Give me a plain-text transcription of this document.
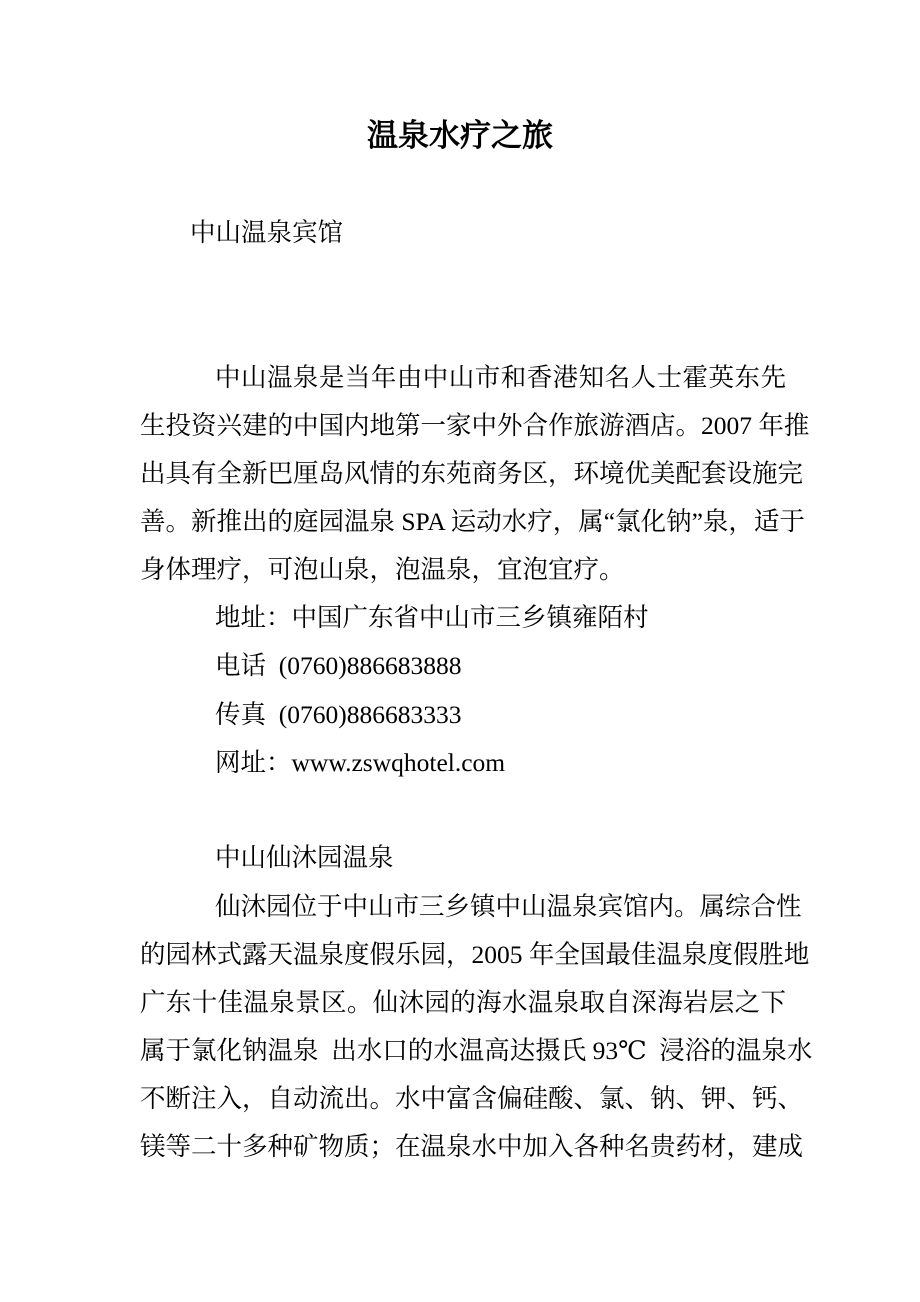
温泉水疗之旅
中山温泉宾馆
中山温泉是当年由中山市和香港知名人士霍英东先
生投资兴建的中国内地第一家中外合作旅游酒店。2007 年推
出具有全新巴厘岛风情的东苑商务区，环境优美配套设施完
善。新推出的庭园温泉 SPA 运动水疗，属“氯化钠”泉，适于
身体理疗，可泡山泉，泡温泉，宜泡宜疗。
地址：中国广东省中山市三乡镇雍陌村
电话  (0760)886683888
传真  (0760)886683333
网址：www.zswqhotel.com
中山仙沐园温泉
仙沐园位于中山市三乡镇中山温泉宾馆内。属综合性
的园林式露天温泉度假乐园，2005 年全国最佳温泉度假胜地
广东十佳温泉景区。仙沐园的海水温泉取自深海岩层之下
属于氯化钠温泉  出水口的水温高达摄氏 93℃  浸浴的温泉水
不断注入，自动流出。水中富含偏硅酸、氯、钠、钾、钙、
镁等二十多种矿物质；在温泉水中加入各种名贵药材，建成
